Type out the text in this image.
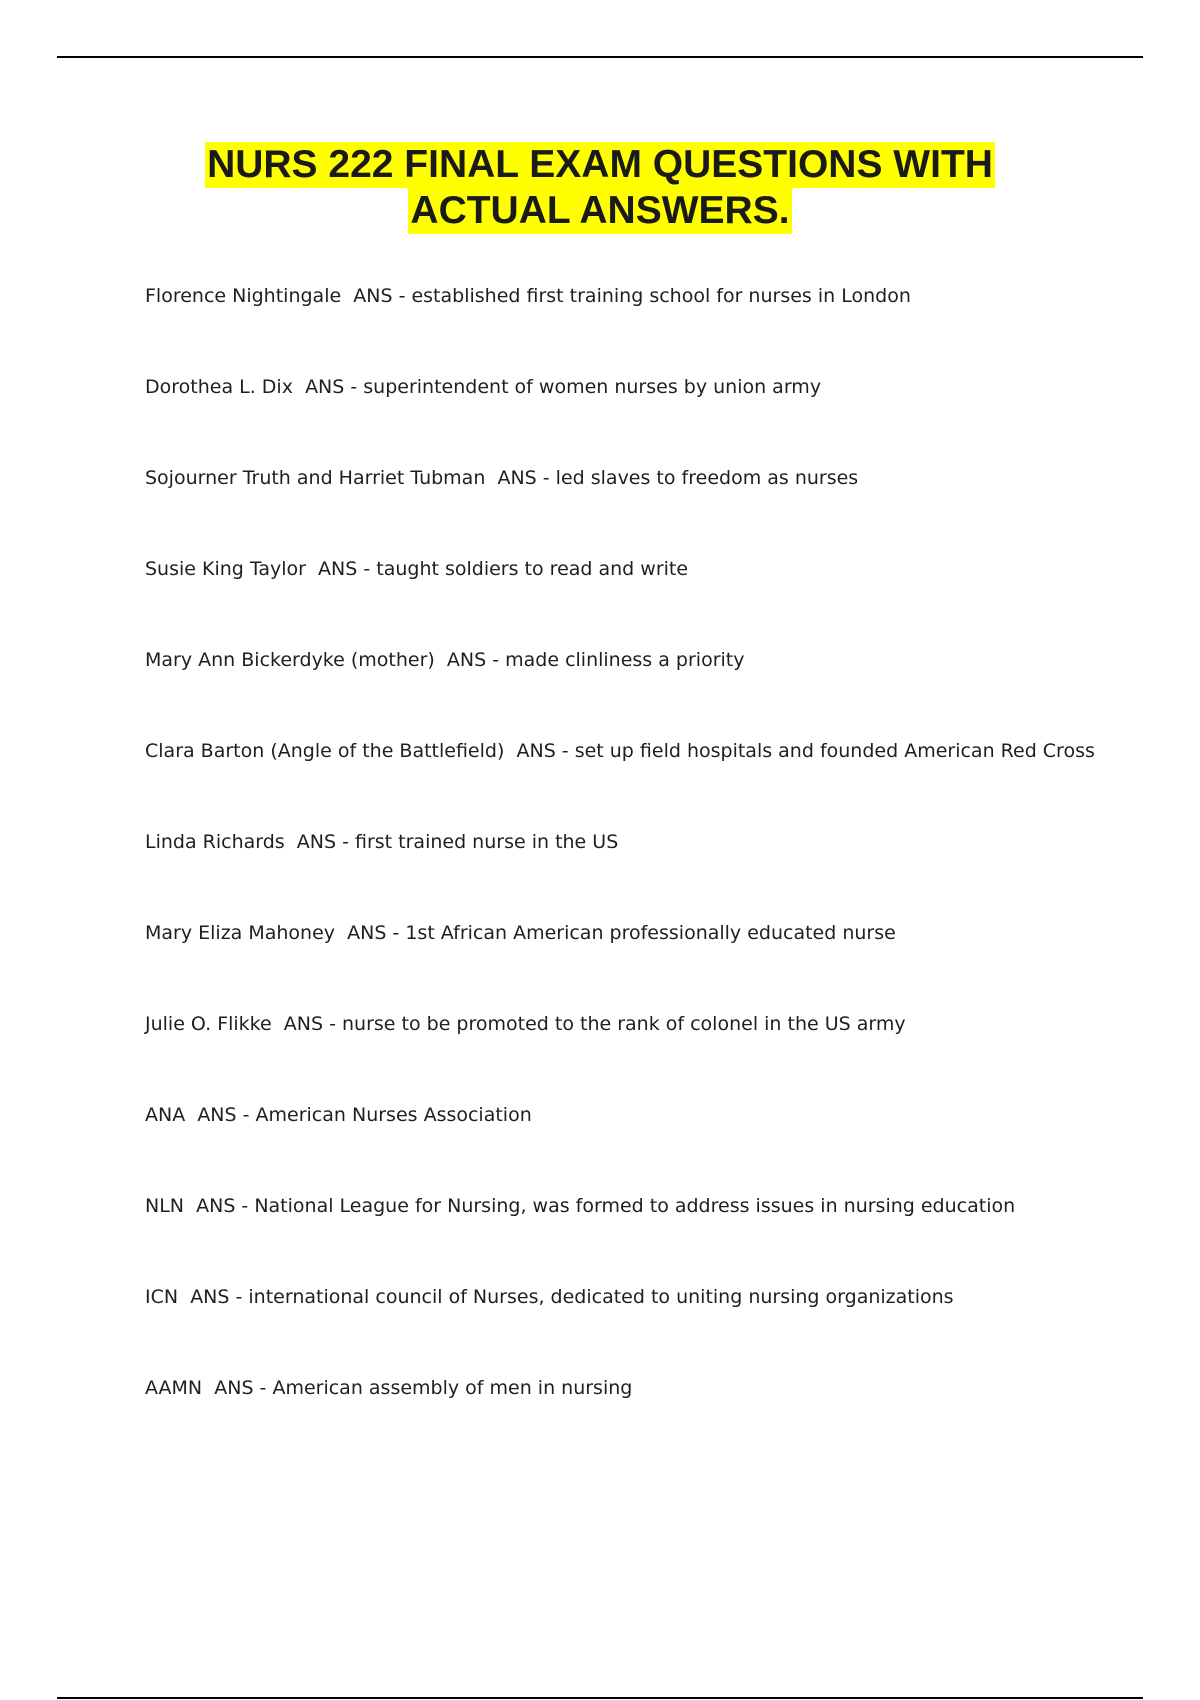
NURS 222 FINAL EXAM QUESTIONS WITH
ACTUAL ANSWERS.
Florence Nightingale ANS - established first training school for nurses in London
Dorothea L. Dix ANS - superintendent of women nurses by union army
Sojourner Truth and Harriet Tubman ANS - led slaves to freedom as nurses
Susie King Taylor ANS - taught soldiers to read and write
Mary Ann Bickerdyke (mother) ANS - made clinliness a priority
Clara Barton (Angle of the Battlefield) ANS - set up field hospitals and founded American Red Cross
Linda Richards ANS - first trained nurse in the US
Mary Eliza Mahoney ANS - 1st African American professionally educated nurse
Julie O. Flikke ANS - nurse to be promoted to the rank of colonel in the US army
ANA ANS - American Nurses Association
NLN ANS - National League for Nursing, was formed to address issues in nursing education
ICN ANS - international council of Nurses, dedicated to uniting nursing organizations
AAMN ANS - American assembly of men in nursing
